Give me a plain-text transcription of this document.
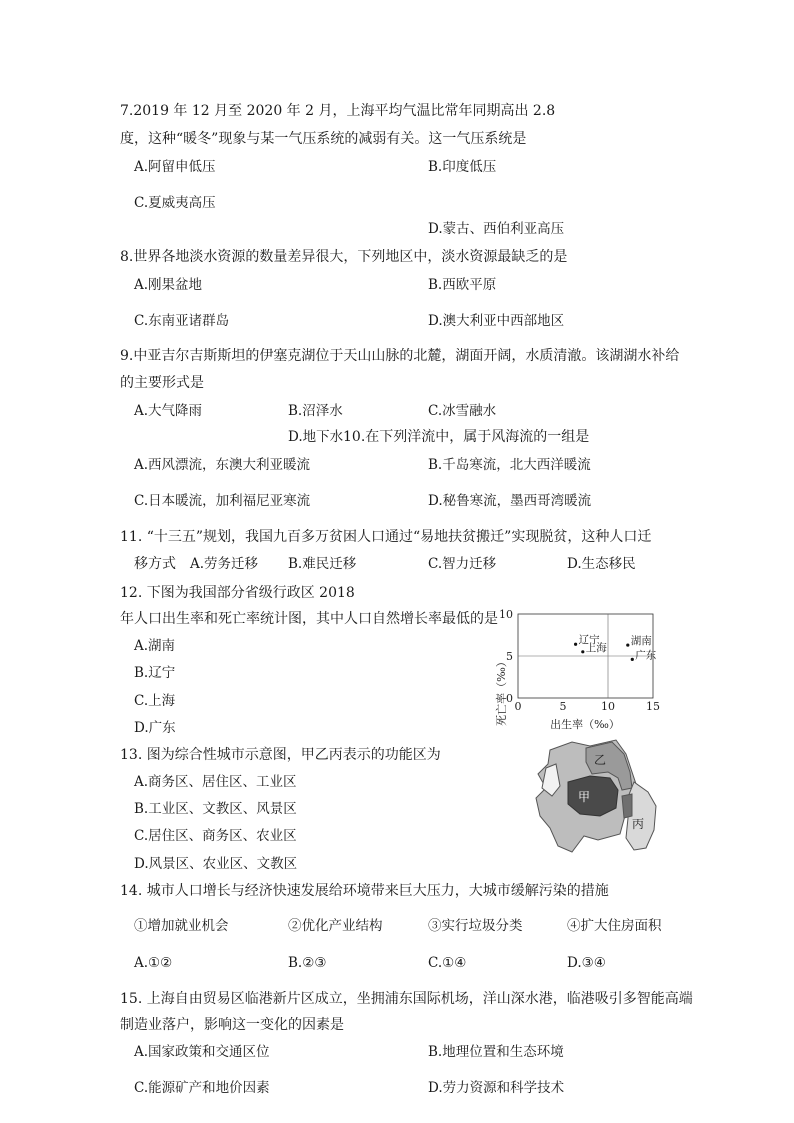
7.2019 年 12 月至 2020 年 2 月，上海平均气温比常年同期高出 2.8
度，这种“暖冬”现象与某一气压系统的减弱有关。这一气压系统是
A.阿留申低压	B.印度低压
C.夏威夷高压
D.蒙古、西伯利亚高压
8.世界各地淡水资源的数量差异很大，下列地区中，淡水资源最缺乏的是
A.刚果盆地	B.西欧平原
C.东南亚诸群岛	D.澳大利亚中西部地区
9.中亚吉尔吉斯斯坦的伊塞克湖位于天山山脉的北麓，湖面开阔，水质清澈。该湖湖水补给
的主要形式是
A.大气降雨	B.沼泽水	C.冰雪融水
D.地下水 10.在下列洋流中，属于风海流的一组是
A.西风漂流，东澳大利亚暖流	B.千岛寒流，北大西洋暖流
C.日本暖流，加利福尼亚寒流	D.秘鲁寒流，墨西哥湾暖流
11. “十三五”规划，我国九百多万贫困人口通过“易地扶贫搬迁”实现脱贫，这种人口迁
移方式 A.劳务迁移 B.难民迁移	C.智力迁移	D.生态移民
12. 下图为我国部分省级行政区 2018
年人口出生率和死亡率统计图，其中人口自然增长率最低的是
A.湖南
B.辽宁
C.上海
D.广东
0	5	10	15
0
5
10
辽宁
上海
湖南
广东
死亡率（‰）	出生率（‰）
13. 图为综合性城市示意图，甲乙丙表示的功能区为
A.商务区、居住区、工业区
B.工业区、文教区、风景区
C.居住区、商务区、农业区
D.风景区、农业区、文教区
甲
乙
丙
14. 城市人口增长与经济快速发展给环境带来巨大压力，大城市缓解污染的措施
①增加就业机会	②优化产业结构	③实行垃圾分类	④扩大住房面积
A.①②	B.②③	C.①④	D.③④
15. 上海自由贸易区临港新片区成立，坐拥浦东国际机场，洋山深水港，临港吸引多智能高端
制造业落户，影响这一变化的因素是
A.国家政策和交通区位	B.地理位置和生态环境
C.能源矿产和地价因素	D.劳力资源和科学技术
